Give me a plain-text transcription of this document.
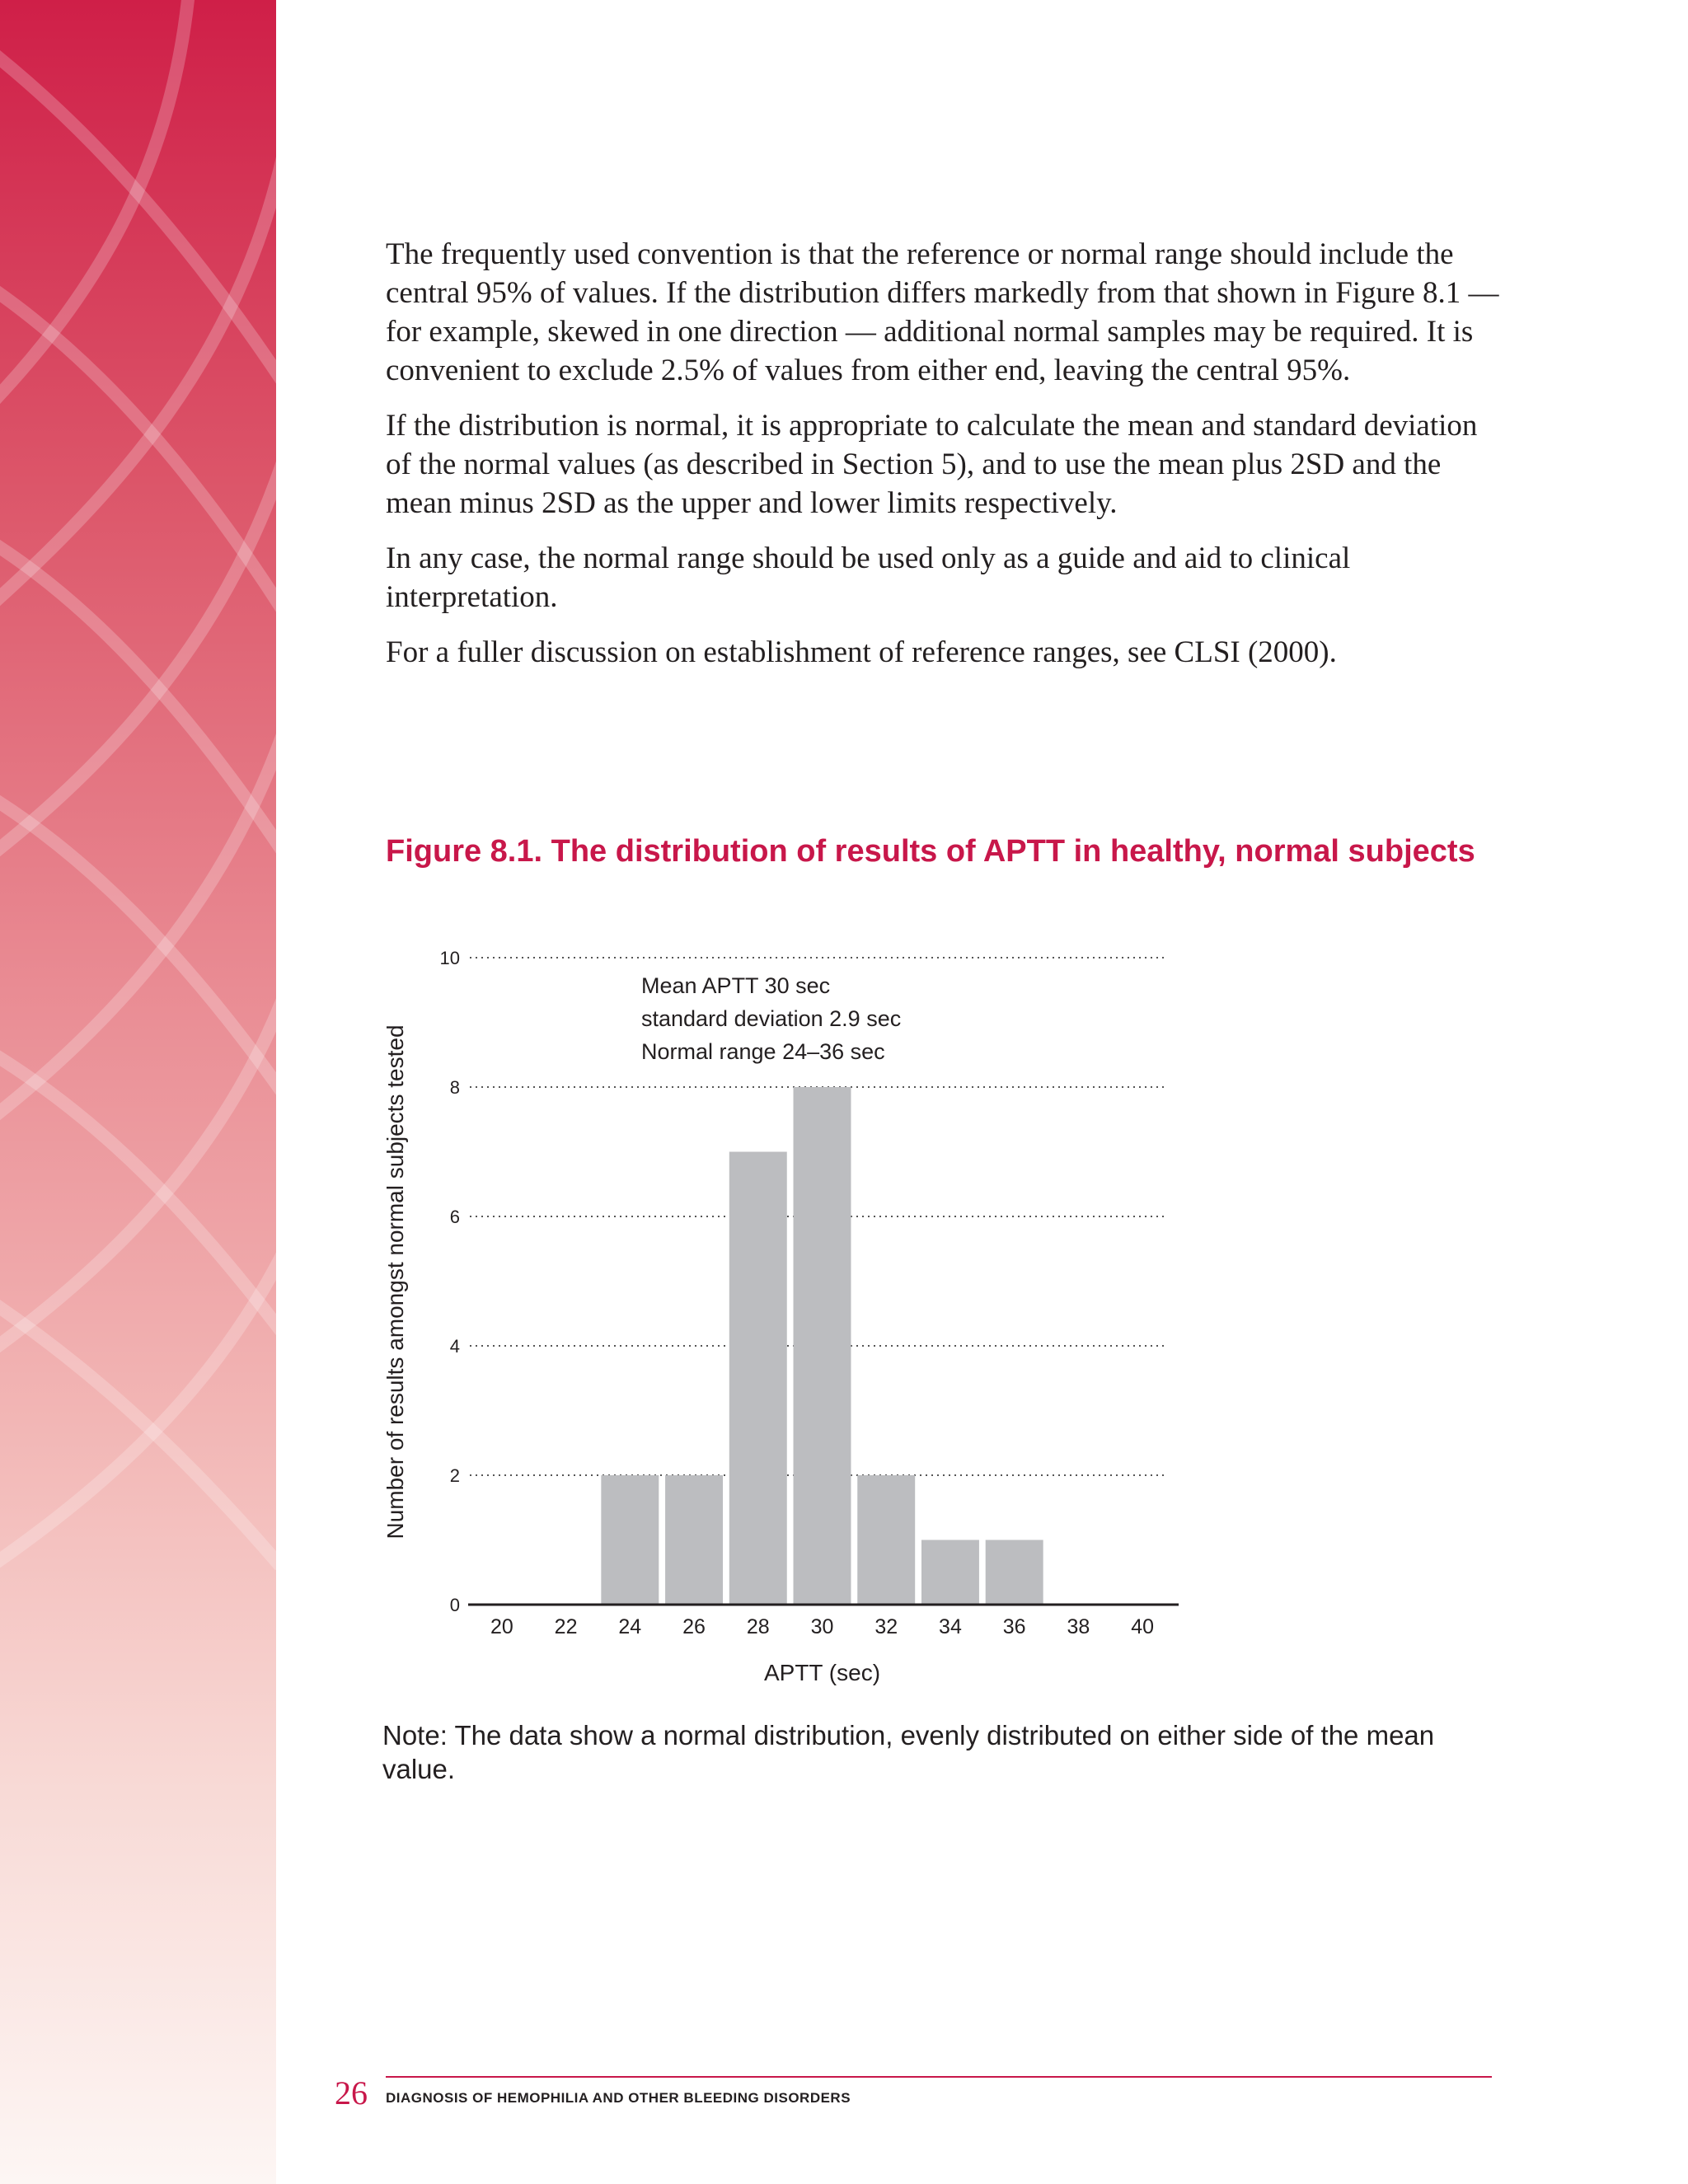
The frequently used convention is that the reference or normal range should include the central 95% of values. If the distribution differs markedly from that shown in Figure 8.1 — for example, skewed in one direction — additional normal samples may be required. It is convenient to exclude 2.5% of values from either end, leaving the central 95%.

If the distribution is normal, it is appropriate to calculate the mean and standard deviation of the normal values (as described in Section 5), and to use the mean plus 2SD and the mean minus 2SD as the upper and lower limits respectively.

In any case, the normal range should be used only as a guide and aid to clinical interpretation.

For a fuller discussion on establishment of reference ranges, see CLSI (2000).

Figure 8.1. The distribution of results of APTT in healthy, normal subjects
0
2
4
6
8
10
20 22 24 26 28 30 32 34 36 38 40
APTT (sec)
Number of results amongst normal subjects tested
Mean APTT 30 sec
standard deviation 2.9 sec
Normal range 24–36 sec
Note: The data show a normal distribution, evenly distributed on either side of the mean value.
26 DIAGNOSIS OF HEMOPHILIA AND OTHER BLEEDING DISORDERS
